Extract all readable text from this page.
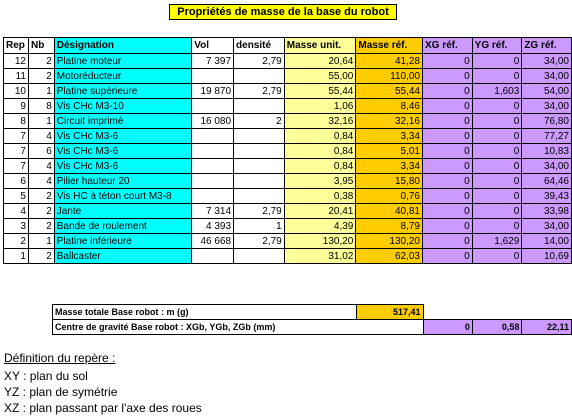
Propriétés de masse de la base du robot
Rep	Nb	Désignation	Vol	densité	Masse unit.	Masse réf.	XG réf.	YG réf.	ZG réf.
12	2	Platine moteur	7 397	2,79	20,64	41,28	0	0	34,00
11	2	Motoréducteur			55,00	110,00	0	0	34,00
10	1	Platine supérieure	19 870	2,79	55,44	55,44	0	1,603	54,00
9	8	Vis CHc M3-10			1,06	8,46	0	0	34,00
8	1	Circuit imprimé	16 080	2	32,16	32,16	0	0	76,80
7	4	Vis CHc M3-6			0,84	3,34	0	0	77,27
7	6	Vis CHc M3-6			0,84	5,01	0	0	10,83
7	4	Vis CHc M3-6			0,84	3,34	0	0	34,00
6	4	Pilier hauteur 20			3,95	15,80	0	0	64,46
5	2	Vis HC à téton court M3-8			0,38	0,76	0	0	39,43
4	2	Jante	7 314	2,79	20,41	40,81	0	0	33,98
3	2	Bande de roulement	4 393	1	4,39	8,79	0	0	34,00
2	1	Platine inférieure	46 668	2,79	130,20	130,20	0	1,629	14,00
1	2	Ballcaster			31,02	62,03	0	0	10,69
Masse totale Base robot : m (g)	517,41			
Centre de gravité Base robot : XGb, YGb, ZGb (mm)		0	0,58	22,11
Définition du repère :
XY : plan du sol
YZ : plan de symétrie
XZ : plan passant par l'axe des roues
